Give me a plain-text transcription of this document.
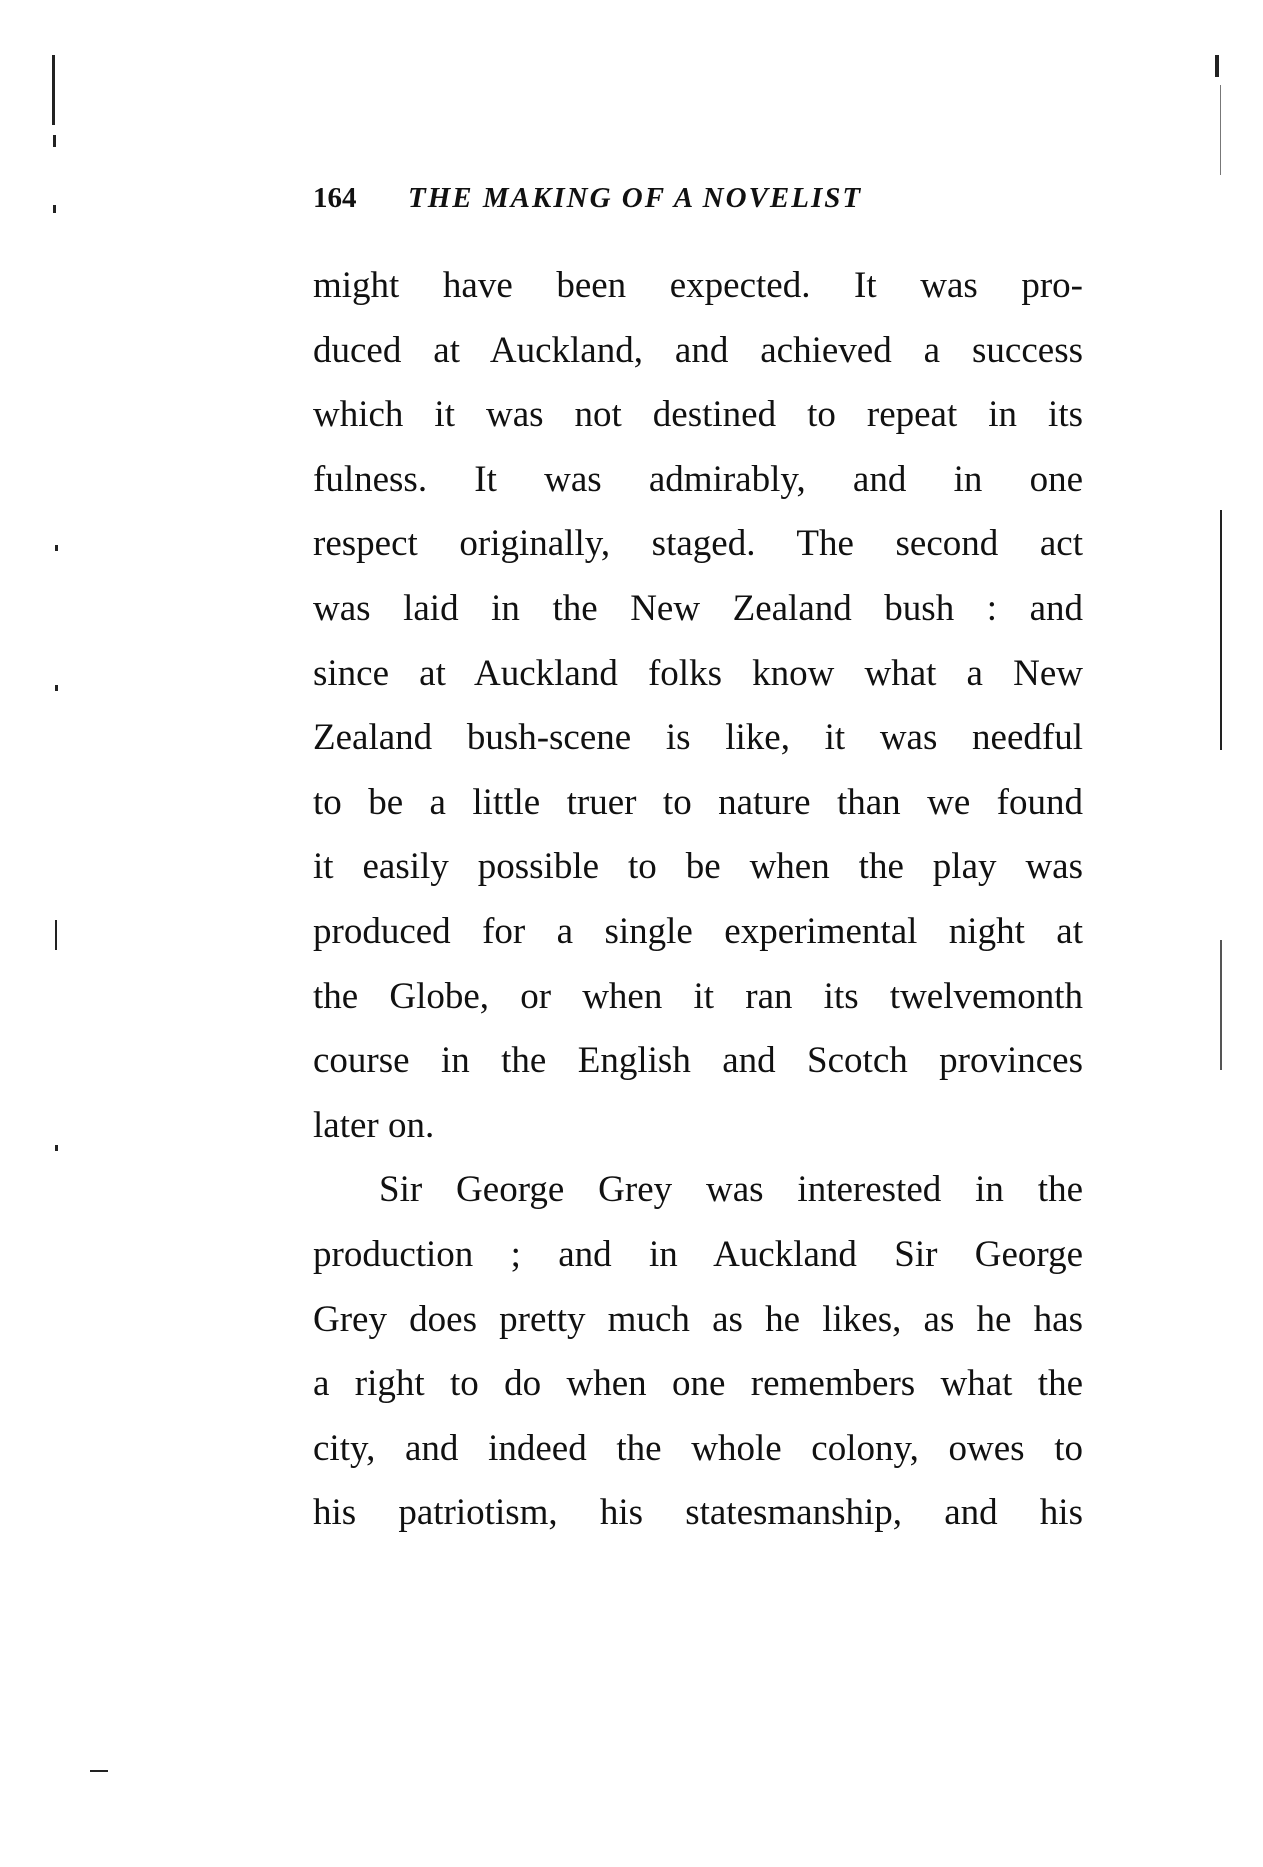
164 THE MAKING OF A NOVELIST
might have been expected. It was pro-
duced at Auckland, and achieved a success
which it was not destined to repeat in its
fulness. It was admirably, and in one
respect originally, staged. The second act
was laid in the New Zealand bush : and
since at Auckland folks know what a New
Zealand bush-scene is like, it was needful
to be a little truer to nature than we found
it easily possible to be when the play was
produced for a single experimental night at
the Globe, or when it ran its twelvemonth
course in the English and Scotch provinces
later on.
Sir George Grey was interested in the
production ; and in Auckland Sir George
Grey does pretty much as he likes, as he has
a right to do when one remembers what the
city, and indeed the whole colony, owes to
his patriotism, his statesmanship, and his
